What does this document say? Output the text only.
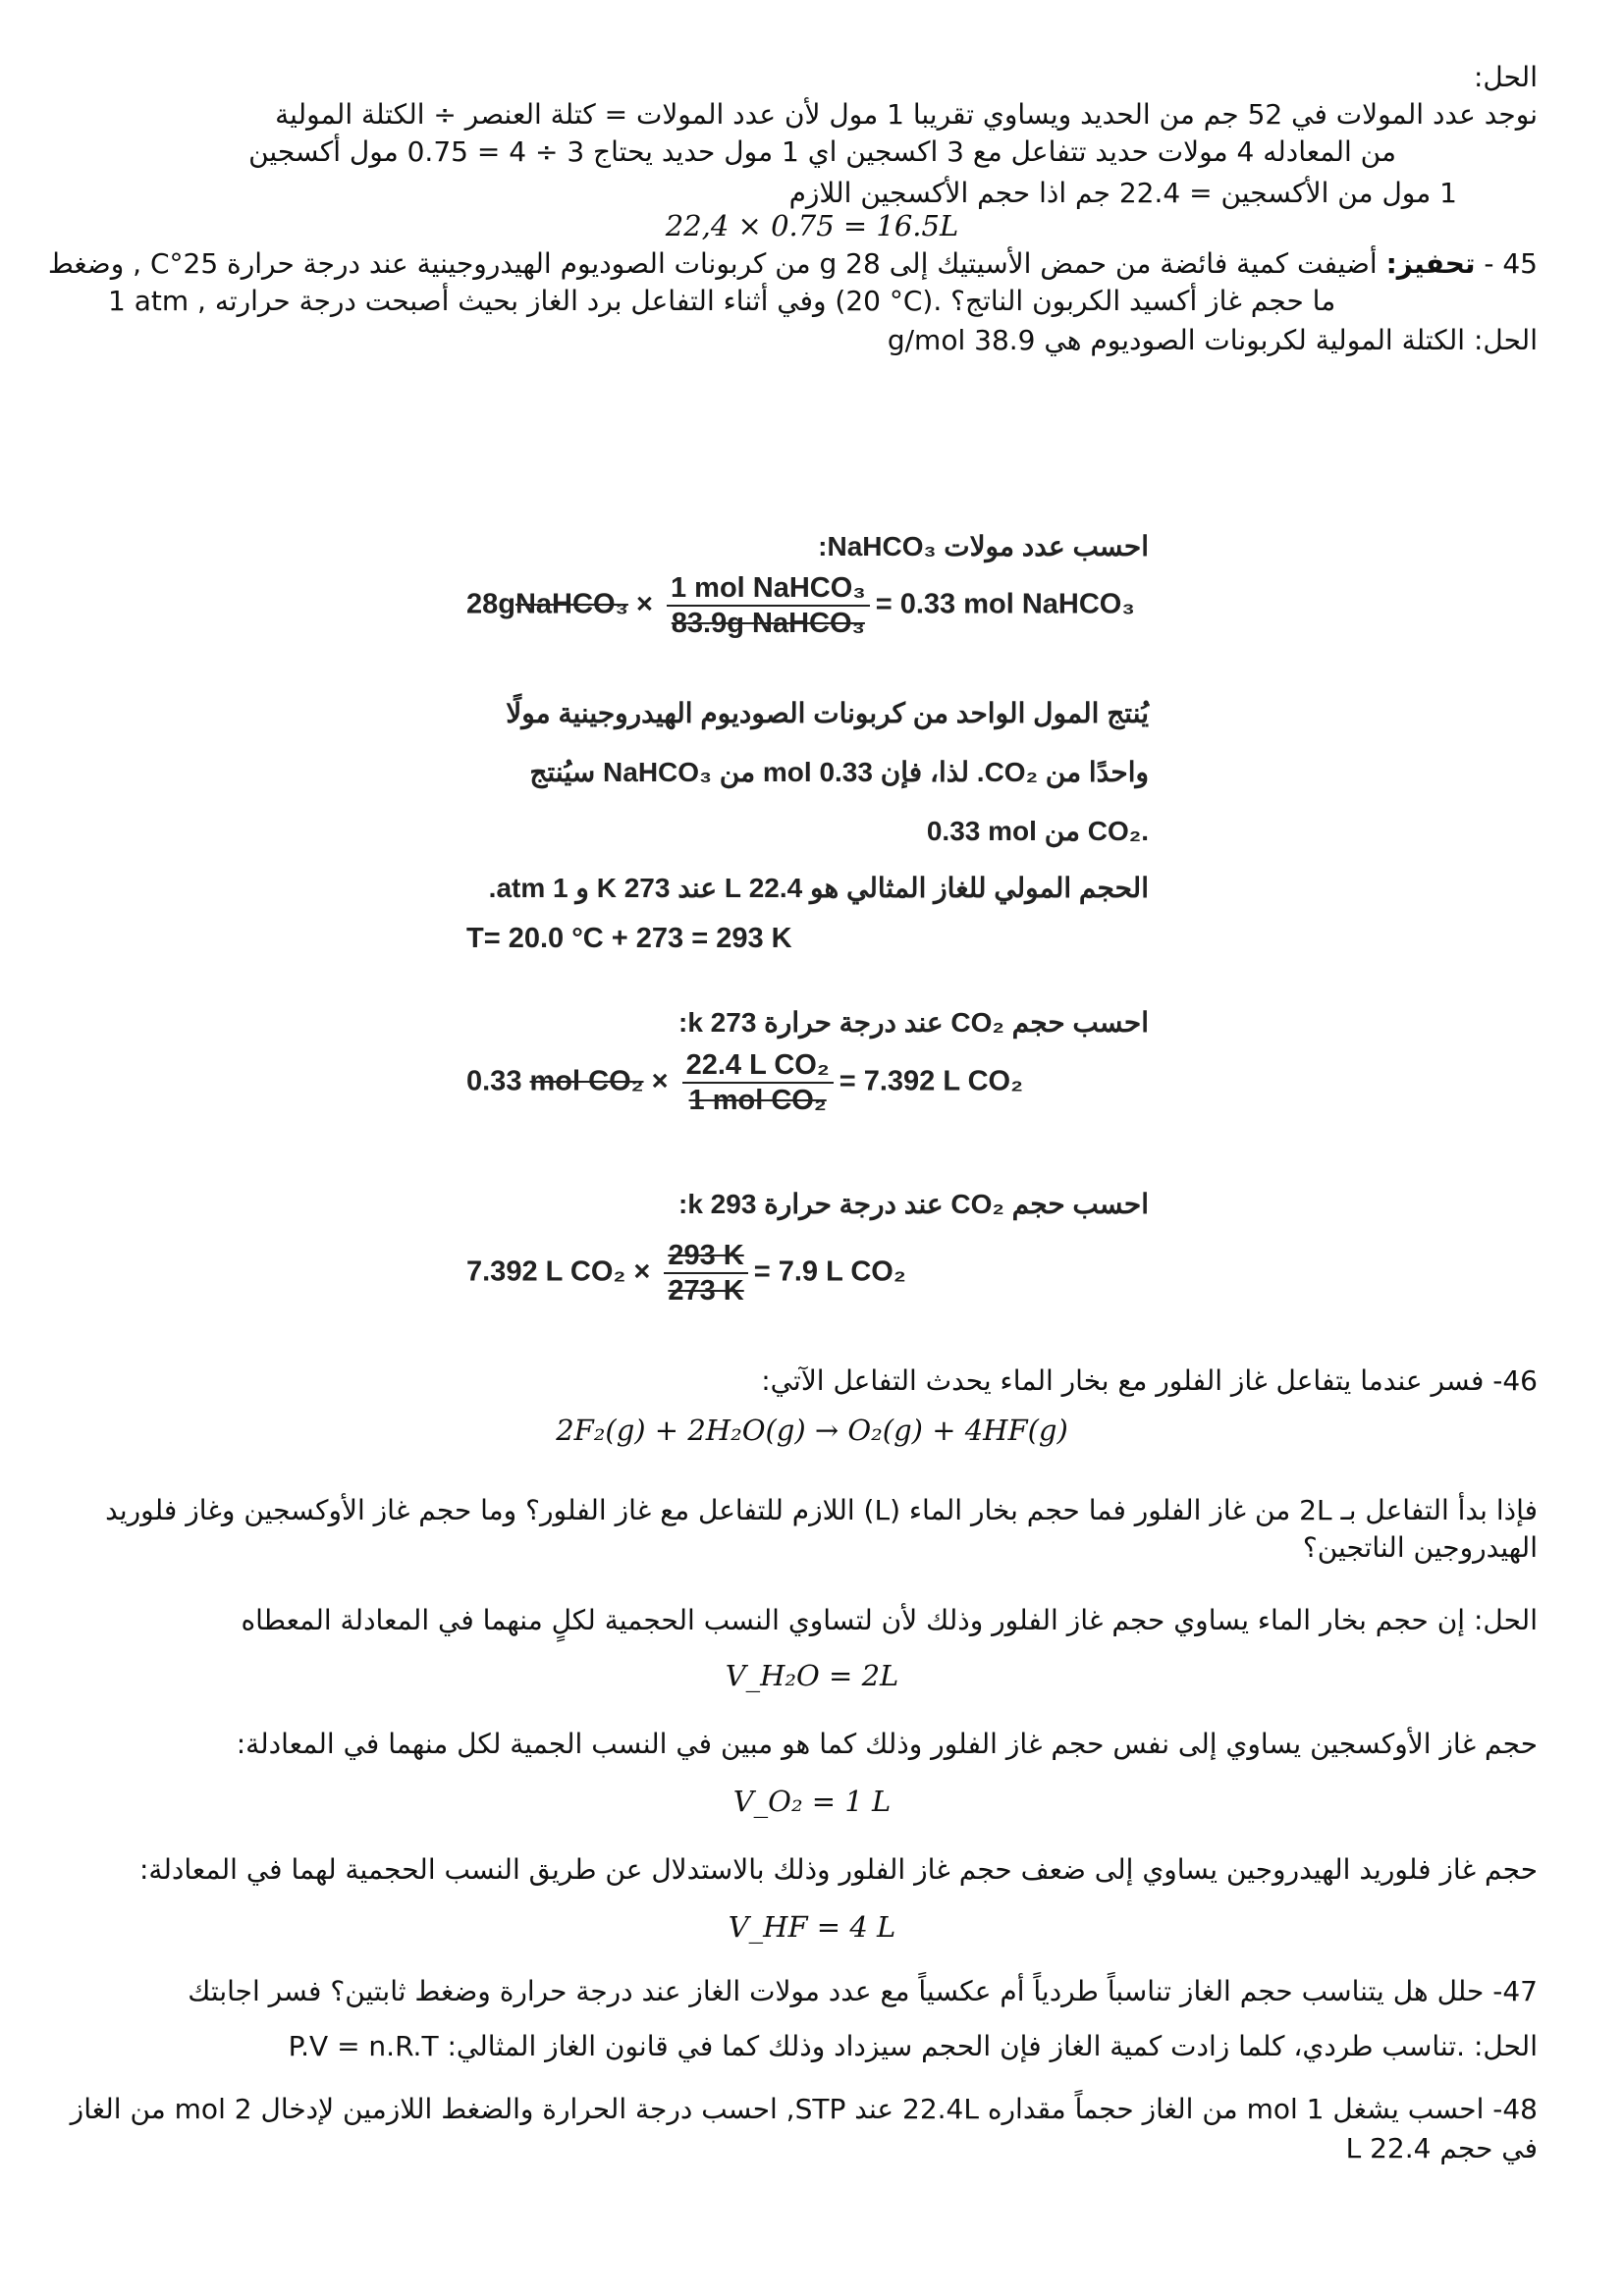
الحل:
نوجد عدد المولات في 52 جم من الحديد ويساوي تقريبا 1 مول لأن عدد المولات = كتلة العنصر ÷ الكتلة المولية
من المعادله 4 مولات حديد تتفاعل مع 3 اكسجين اي 1 مول حديد يحتاج 3 ÷ 4 = 0.75 مول أكسجين
1 مول من الأكسجين = 22.4 جم اذا حجم الأكسجين اللازم
22,4 × 0.75 = 16.5L
45 - تحفيز: أضيفت كمية فائضة من حمض الأسيتيك إلى 28 g من كربونات الصوديوم الهيدروجينية عند درجة حرارة 25°C , وضغط
1 atm , وفي أثناء التفاعل برد الغاز بحيث أصبحت درجة حرارته (20 °C). ما حجم غاز أكسيد الكربون الناتج؟
الحل: الكتلة المولية لكربونات الصوديوم هي 38.9 g/mol
احسب عدد مولات NaHCO₃:
28gNaHCO₃ × $\frac{\text{1 mol NaHCO₃}}{\text{83.9g NaHCO₃}} = 0.33$ mol NaHCO₃
يُنتج المول الواحد من كربونات الصوديوم الهيدروجينية مولًا
واحدًا من CO₂. لذا، فإن 0.33 mol من NaHCO₃ سيُنتج
0.33 mol من CO₂.
الحجم المولي للغاز المثالي هو 22.4 L عند 273 K و 1 atm.
T= 20.0 °C + 273 = 293 K
احسب حجم CO₂ عند درجة حرارة 273 k:
0.33 mol $CO_2 \times \frac{\text{22.4 L CO₂}}{\text{1 mol CO₂}} = 7.392$ L CO₂
احسب حجم CO₂ عند درجة حرارة 293 k:
7.392 L $CO_2 \times \frac{293 K}{273 K} = 7.9$ L CO₂
46- فسر عندما يتفاعل غاز الفلور مع بخار الماء يحدث التفاعل الآتي:
2F₂(g) + 2H₂O(g) → O₂(g) + 4HF(g)
فإذا بدأ التفاعل بـ 2L من غاز الفلور فما حجم بخار الماء (L) اللازم للتفاعل مع غاز الفلور؟ وما حجم غاز الأوكسجين وغاز فلوريد
الهيدروجين الناتجين؟
الحل: إن حجم بخار الماء يساوي حجم غاز الفلور وذلك لأن لتساوي النسب الحجمية لكلٍ منهما في المعادلة المعطاه
V_H₂O = 2L
حجم غاز الأوكسجين يساوي إلى نفس حجم غاز الفلور وذلك كما هو مبين في النسب الجمية لكل منهما في المعادلة:
V_O₂ = 1 L
حجم غاز فلوريد الهيدروجين يساوي إلى ضعف حجم غاز الفلور وذلك بالاستدلال عن طريق النسب الحجمية لهما في المعادلة:
V_HF = 4 L
47- حلل هل يتناسب حجم الغاز تناسباً طردياً أم عكسياً مع عدد مولات الغاز عند درجة حرارة وضغط ثابتين؟ فسر اجابتك
الحل: .تناسب طردي، كلما زادت كمية الغاز فإن الحجم سيزداد وذلك كما في قانون الغاز المثالي: P.V = n.R.T
48- احسب يشغل 1 mol من الغاز حجماً مقداره 22.4L عند STP, احسب درجة الحرارة والضغط اللازمين لإدخال 2 mol من الغاز
في حجم 22.4 L
